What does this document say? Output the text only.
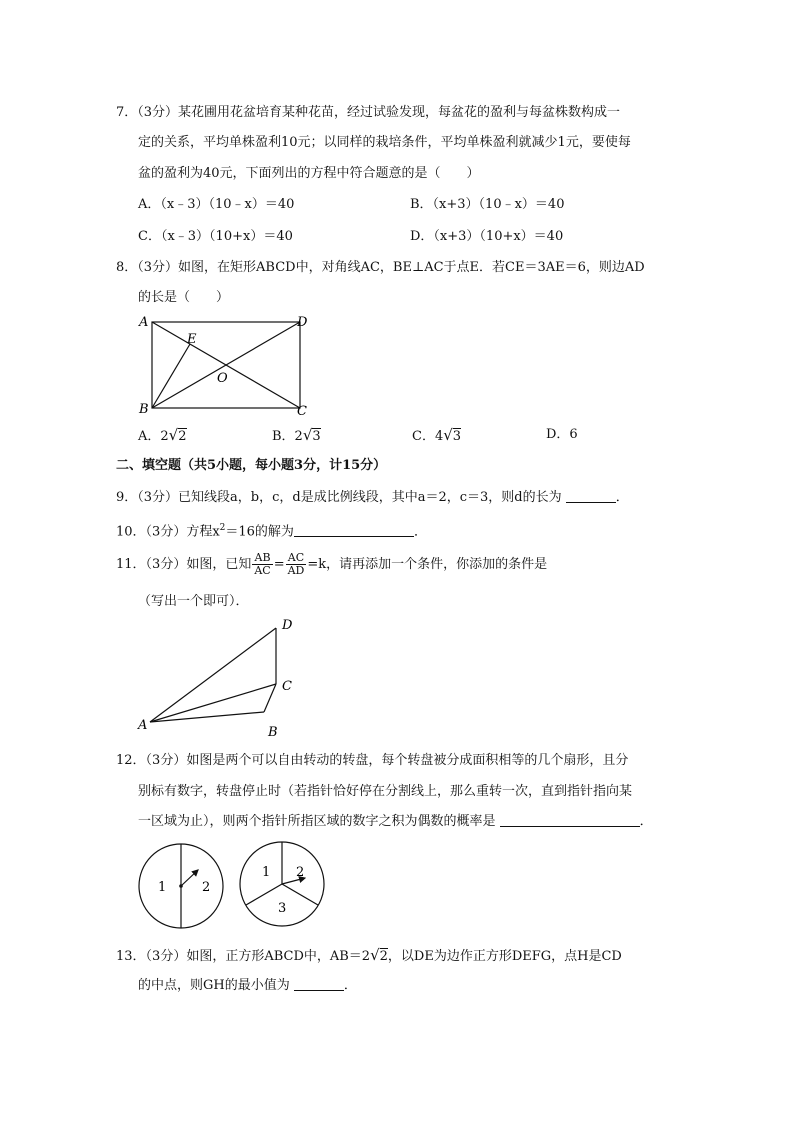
7．（3分）某花圃用花盆培育某种花苗，经过试验发现，每盆花的盈利与每盆株数构成一
定的关系，平均单株盈利10元；以同样的栽培条件，平均单株盈利就减少1元，要使每
盆的盈利为40元，下面列出的方程中符合题意的是（　　）
A．（x﹣3）（10﹣x）＝40	B．（x+3）（10﹣x）＝40
C．（x﹣3）（10+x）＝40	D．（x+3）（10+x）＝40
8．（3分）如图，在矩形ABCD中，对角线AC，BE⊥AC于点E．若CE＝3AE＝6，则边AD
的长是（　　）
A
B
D
C
E
O
A．2√2	B．2√3	C．4√3	D．6
二、填空题（共5小题，每小题3分，计15分）
9．（3分）已知线段a，b，c，d是成比例线段，其中a＝2，c＝3，则d的长为	．
10．（3分）方程$x^2=16$的解为	．
11．（3分）如图，已知 $\frac{AB}{AC} = \frac{AC}{AD} =k$，请再添加一个条件，你添加的条件是
（写出一个即可）．
A	B
C
D
12．（3分）如图是两个可以自由转动的转盘，每个转盘被分成面积相等的几个扇形，且分
别标有数字，转盘停止时（若指针恰好停在分割线上，那么重转一次，直到指针指向某
一区域为止），则两个指针所指区域的数字之积为偶数的概率是	．
1	2
1 2
3
13．（3分）如图，正方形ABCD中，AB＝2√2，以DE为边作正方形DEFG，点H是CD
的中点，则GH的最小值为	．
